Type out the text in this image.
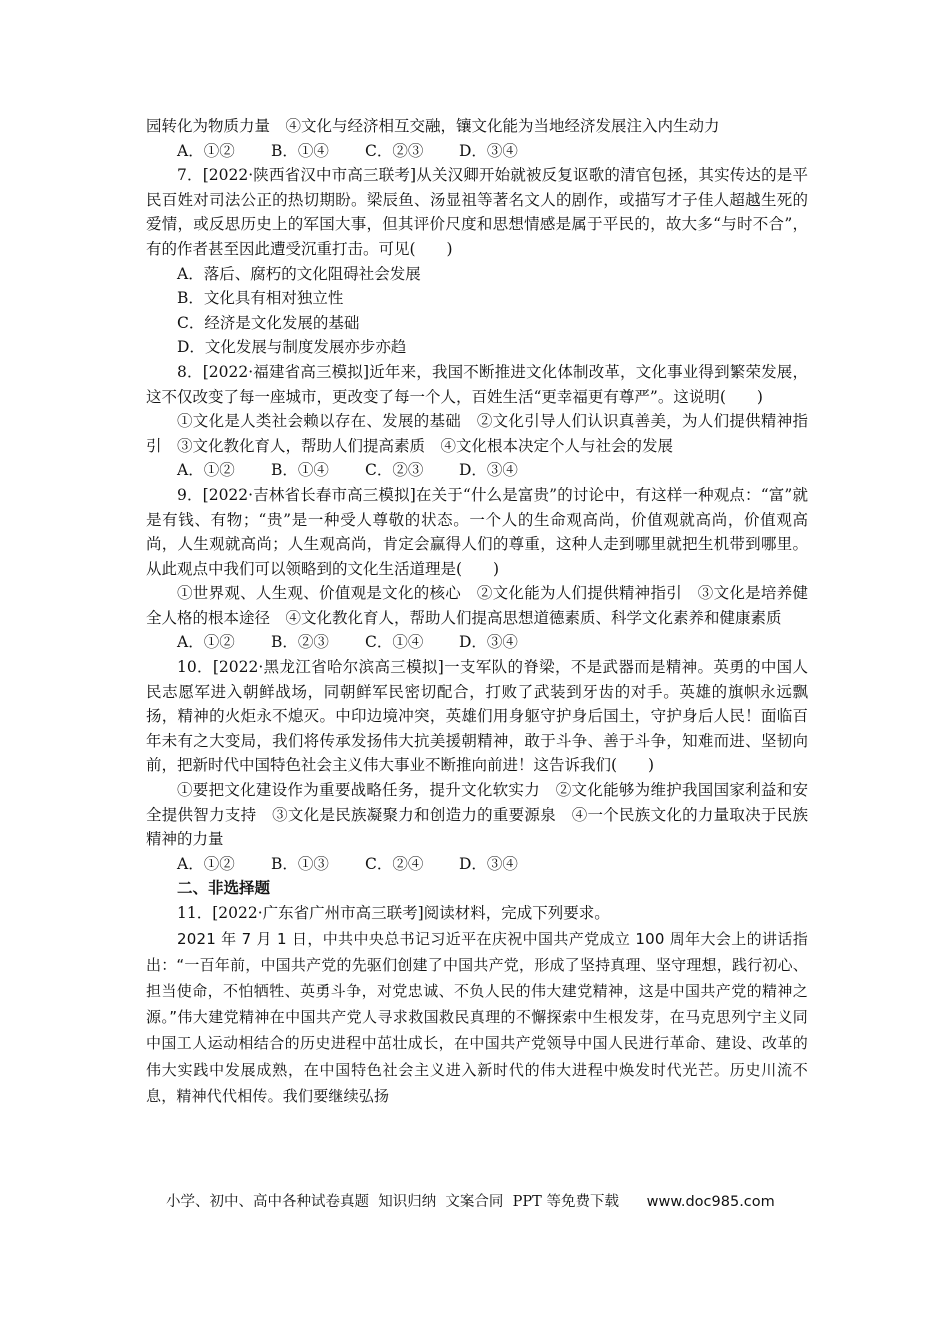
园转化为物质力量　④文化与经济相互交融，镶文化能为当地经济发展注入内生动力

A．①② B．①④ C．②③ D．③④

7．[2022·陕西省汉中市高三联考]从关汉卿开始就被反复讴歌的清官包拯，其实传达的是平民百姓对司法公正的热切期盼。梁辰鱼、汤显祖等著名文人的剧作，或描写才子佳人超越生死的爱情，或反思历史上的军国大事，但其评价尺度和思想情感是属于平民的，故大多“与时不合”，有的作者甚至因此遭受沉重打击。可见(　　)

A．落后、腐朽的文化阻碍社会发展

B．文化具有相对独立性

C．经济是文化发展的基础

D．文化发展与制度发展亦步亦趋

8．[2022·福建省高三模拟]近年来，我国不断推进文化体制改革，文化事业得到繁荣发展，这不仅改变了每一座城市，更改变了每一个人，百姓生活“更幸福更有尊严”。这说明(　　)

①文化是人类社会赖以存在、发展的基础　②文化引导人们认识真善美，为人们提供精神指引　③文化教化育人，帮助人们提高素质　④文化根本决定个人与社会的发展

A．①② B．①④ C．②③ D．③④

9．[2022·吉林省长春市高三模拟]在关于“什么是富贵”的讨论中，有这样一种观点：“富”就是有钱、有物；“贵”是一种受人尊敬的状态。一个人的生命观高尚，价值观就高尚，价值观高尚，人生观就高尚；人生观高尚，肯定会赢得人们的尊重，这种人走到哪里就把生机带到哪里。从此观点中我们可以领略到的文化生活道理是(　　)

①世界观、人生观、价值观是文化的核心　②文化能为人们提供精神指引　③文化是培养健全人格的根本途径　④文化教化育人，帮助人们提高思想道德素质、科学文化素养和健康素质

A．①② B．②③ C．①④ D．③④

10．[2022·黑龙江省哈尔滨高三模拟]一支军队的脊梁，不是武器而是精神。英勇的中国人民志愿军进入朝鲜战场，同朝鲜军民密切配合，打败了武装到牙齿的对手。英雄的旗帜永远飘扬，精神的火炬永不熄灭。中印边境冲突，英雄们用身躯守护身后国土，守护身后人民！面临百年未有之大变局，我们将传承发扬伟大抗美援朝精神，敢于斗争、善于斗争，知难而进、坚韧向前，把新时代中国特色社会主义伟大事业不断推向前进！这告诉我们(　　)

①要把文化建设作为重要战略任务，提升文化软实力　②文化能够为维护我国国家利益和安全提供智力支持　③文化是民族凝聚力和创造力的重要源泉　④一个民族文化的力量取决于民族精神的力量

A．①② B．①③ C．②④ D．③④

二、非选择题

11．[2022·广东省广州市高三联考]阅读材料，完成下列要求。

2021 年 7 月 1 日，中共中央总书记习近平在庆祝中国共产党成立 100 周年大会上的讲话指出：“一百年前，中国共产党的先驱们创建了中国共产党，形成了坚持真理、坚守理想，践行初心、担当使命，不怕牺牲、英勇斗争，对党忠诚、不负人民的伟大建党精神，这是中国共产党的精神之源。”伟大建党精神在中国共产党人寻求救国救民真理的不懈探索中生根发芽，在马克思列宁主义同中国工人运动相结合的历史进程中茁壮成长，在中国共产党领导中国人民进行革命、建设、改革的伟大实践中发展成熟，在中国特色社会主义进入新时代的伟大进程中焕发时代光芒。历史川流不息，精神代代相传。我们要继续弘扬

小学、初中、高中各种试卷真题  知识归纳  文案合同  PPT 等免费下载 www.doc985.com
